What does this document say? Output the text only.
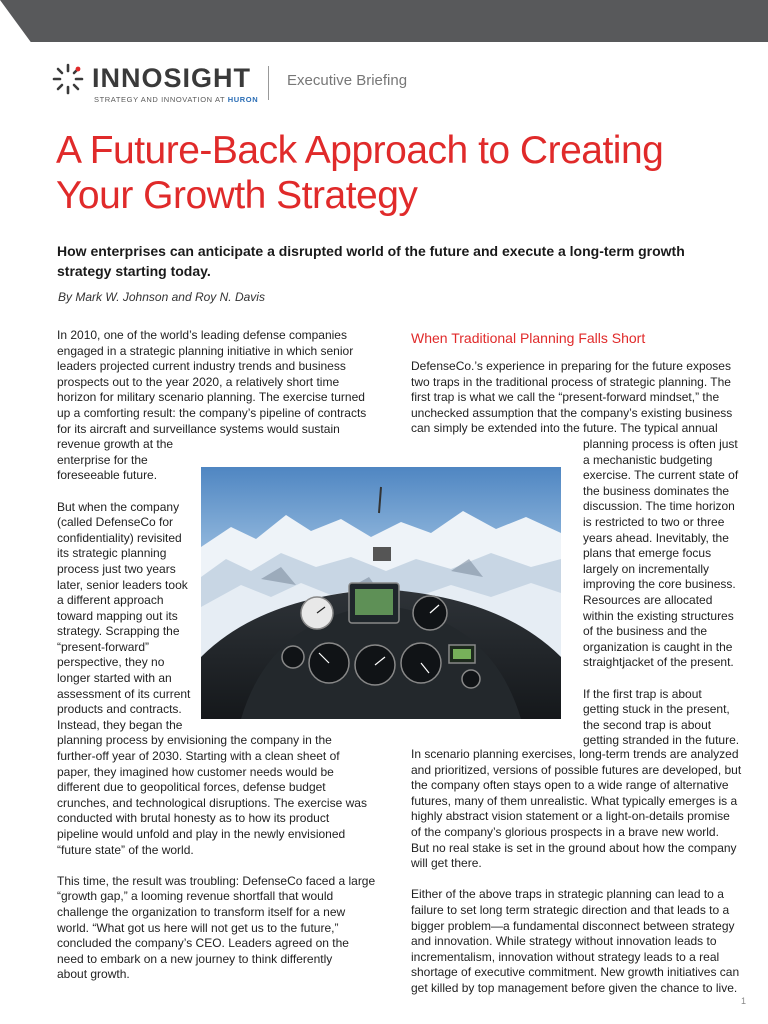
INNOSIGHT
STRATEGY AND INNOVATION AT HURON
Executive Briefing
A Future-Back Approach to Creating
Your Growth Strategy

How enterprises can anticipate a disrupted world of the future and execute a long-term growth
strategy starting today.

By Mark W. Johnson and Roy N. Davis
In 2010, one of the world’s leading defense companies
engaged in a strategic planning initiative in which senior
leaders projected current industry trends and business
prospects out to the year 2020, a relatively short time
horizon for military scenario planning. The exercise turned
up a comforting result: the company’s pipeline of contracts
for its aircraft and surveillance systems would sustain
revenue growth at the
enterprise for the
foreseeable future.
But when the company
(called DefenseCo for
confidentiality) revisited
its strategic planning
process just two years
later, senior leaders took
a different approach
toward mapping out its
strategy. Scrapping the
“present-forward”
perspective, they no
longer started with an
assessment of its current
products and contracts.
Instead, they began the
planning process by envisioning the company in the
further-off year of 2030. Starting with a clean sheet of
paper, they imagined how customer needs would be
different due to geopolitical forces, defense budget
crunches, and technological disruptions. The exercise was
conducted with brutal honesty as to how its product
pipeline would unfold and play in the newly envisioned
“future state” of the world.
This time, the result was troubling: DefenseCo faced a large
“growth gap,” a looming revenue shortfall that would
challenge the organization to transform itself for a new
world. “What got us here will not get us to the future,”
concluded the company’s CEO. Leaders agreed on the
need to embark on a new journey to think differently
about growth.
When Traditional Planning Falls Short
DefenseCo.’s experience in preparing for the future exposes
two traps in the traditional process of strategic planning. The
first trap is what we call the “present-forward mindset,” the
unchecked assumption that the company’s existing business
can simply be extended into the future. The typical annual
planning process is often just
a mechanistic budgeting
exercise. The current state of
the business dominates the
discussion. The time horizon
is restricted to two or three
years ahead. Inevitably, the
plans that emerge focus
largely on incrementally
improving the core business.
Resources are allocated
within the existing structures
of the business and the
organization is caught in the
straightjacket of the present.
If the first trap is about
getting stuck in the present,
the second trap is about
getting stranded in the future.
In scenario planning exercises, long-term trends are analyzed
and prioritized, versions of possible futures are developed, but
the company often stays open to a wide range of alternative
futures, many of them unrealistic. What typically emerges is a
highly abstract vision statement or a light-on-details promise
of the company’s glorious prospects in a brave new world.
But no real stake is set in the ground about how the company
will get there.
Either of the above traps in strategic planning can lead to a
failure to set long term strategic direction and that leads to a
bigger problem—a fundamental disconnect between strategy
and innovation. While strategy without innovation leads to
incrementalism, innovation without strategy leads to a real
shortage of executive commitment. New growth initiatives can
get killed by top management before given the chance to live.
1
